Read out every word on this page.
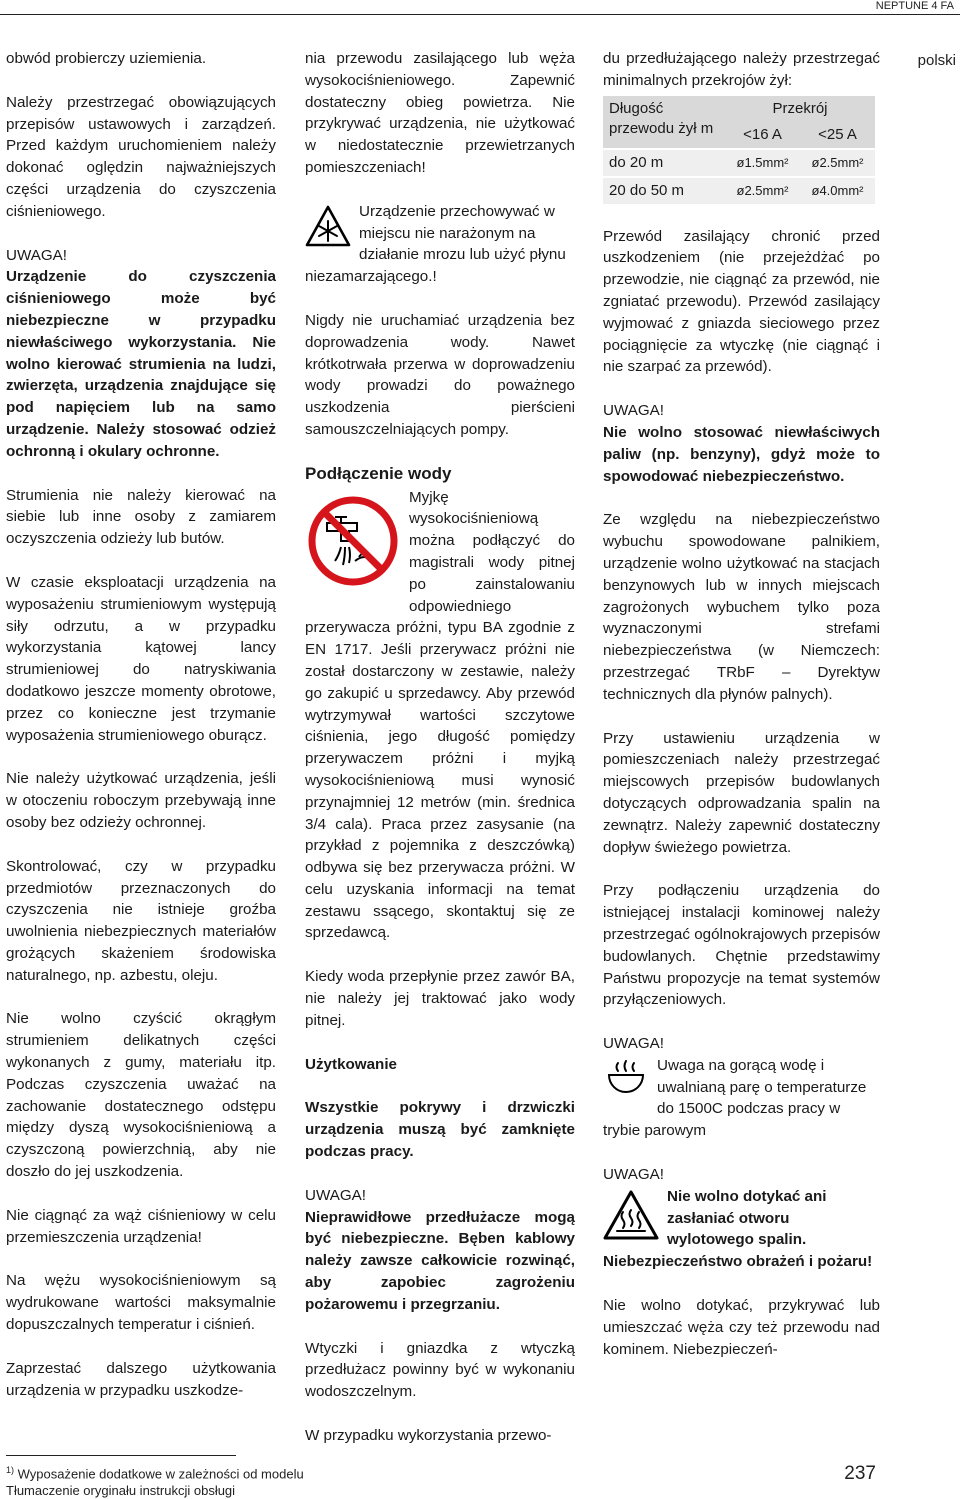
NEPTUNE 4 FA
polski

obwód probierczy uziemienia.

Należy przestrzegać obowiązujących przepisów ustawowych i zarządzeń. Przed każdym uruchomieniem należy dokonać oględzin najważniejszych części urządzenia do czyszczenia ciśnieniowego.

UWAGA!

Urządzenie do czyszczenia ciśnieniowego może być niebezpieczne w przypadku niewłaściwego wykorzystania. Nie wolno kierować strumienia na ludzi, zwierzęta, urządzenia znajdujące się pod napięciem lub na samo urządzenie. Należy stosować odzież ochronną i okulary ochronne.

Strumienia nie należy kierować na siebie lub inne osoby z zamiarem oczyszczenia odzieży lub butów.

W czasie eksploatacji urządzenia na wyposażeniu strumieniowym występują siły odrzutu, a w przypadku wykorzystania kątowej lancy strumieniowej do natryskiwania dodatkowo jeszcze momenty obrotowe, przez co konieczne jest trzymanie wyposażenia strumieniowego oburącz.

Nie należy użytkować urządzenia, jeśli w otoczeniu roboczym przebywają inne osoby bez odzieży ochronnej.

Skontrolować, czy w przypadku przedmiotów przeznaczonych do czyszczenia nie istnieje groźba uwolnienia niebezpiecznych materiałów grożących skażeniem środowiska naturalnego, np. azbestu, oleju.

Nie wolno czyścić okrągłym strumieniem delikatnych części wykonanych z gumy, materiału itp. Podczas czyszczenia uważać na zachowanie dostatecznego odstępu między dyszą wysokociśnieniową a czyszczoną powierzchnią, aby nie doszło do jej uszkodzenia.

Nie ciągnąć za wąż ciśnieniowy w celu przemieszczenia urządzenia!

Na wężu wysokociśnieniowym są wydrukowane wartości maksymalnie dopuszczalnych temperatur i ciśnień.

Zaprzestać dalszego użytkowania urządzenia w przypadku uszkodze-

nia przewodu zasilającego lub węża wysokociśnieniowego. Zapewnić dostateczny obieg powietrza. Nie przykrywać urządzenia, nie użytkować w niedostatecznie przewietrzanych pomieszczeniach!

Urządzenie przechowywać w miejscu nie narażonym na działanie mrozu lub użyć płynu niezamarzającego.!

Nigdy nie uruchamiać urządzenia bez doprowadzenia wody. Nawet krótkotrwała przerwa w doprowadzeniu wody prowadzi do poważnego uszkodzenia pierścieni samouszczelniających pompy.

Podłączenie wody

Myjkę wysokociśnieniową można podłączyć do magistrali wody pitnej po zainstalowaniu odpowiedniego przerywacza próżni, typu BA zgodnie z EN 1717. Jeśli przerywacz próżni nie został dostarczony w zestawie, należy go zakupić u sprzedawcy. Aby przewód wytrzymywał wartości szczytowe ciśnienia, jego długość pomiędzy przerywaczem próżni i myjką wysokociśnieniową musi wynosić przynajmniej 12 metrów (min. średnica 3/4 cala). Praca przez zasysanie (na przykład z pojemnika z deszczówką) odbywa się bez przerywacza próżni. W celu uzyskania informacji na temat zestawu ssącego, skontaktuj się ze sprzedawcą.

Kiedy woda przepłynie przez zawór BA, nie należy jej traktować jako wody pitnej.

Użytkowanie

Wszystkie pokrywy i drzwiczki urządzenia muszą być zamknięte podczas pracy.

UWAGA!

Nieprawidłowe przedłużacze mogą być niebezpieczne. Bęben kablowy należy zawsze całkowicie rozwinąć, aby zapobiec zagrożeniu pożarowemu i przegrzaniu.

Wtyczki i gniazdka z wtyczką przedłużacz powinny być w wykonaniu wodoszczelnym.

W przypadku wykorzystania przewo-

du przedłużającego należy przestrzegać minimalnych przekrojów żył:

Długość przewodu żył m	Przekrój	
	<16 A	<25 A
do 20 m	ø1.5mm²	ø2.5mm²
20 do 50 m	ø2.5mm²	ø4.0mm²

Przewód zasilający chronić przed uszkodzeniem (nie przejeżdżać po przewodzie, nie ciągnąć za przewód, nie zgniatać przewodu). Przewód zasilający wyjmować z gniazda sieciowego przez pociągnięcie za wtyczkę (nie ciągnąć i nie szarpać za przewód).

UWAGA!

Nie wolno stosować niewłaściwych paliw (np. benzyny), gdyż może to spowodować niebezpieczeństwo.

Ze względu na niebezpieczeństwo wybuchu spowodowane palnikiem, urządzenie wolno użytkować na stacjach benzynowych lub w innych miejscach zagrożonych wybuchem tylko poza wyznaczonymi strefami niebezpieczeństwa (w Niemczech: przestrzegać TRbF – Dyrektyw technicznych dla płynów palnych).

Przy ustawieniu urządzenia w pomieszczeniach należy przestrzegać miejscowych przepisów budowlanych dotyczących odprowadzania spalin na zewnątrz. Należy zapewnić dostateczny dopływ świeżego powietrza.

Przy podłączeniu urządzenia do istniejącej instalacji kominowej należy przestrzegać ogólnokrajowych przepisów budowlanych. Chętnie przedstawimy Państwu propozycje na temat systemów przyłączeniowych.

UWAGA!

Uwaga na gorącą wodę i uwalnianą parę o temperaturze do 1500C podczas pracy w trybie parowym

UWAGA!

Nie wolno dotykać ani zasłaniać otworu wylotowego spalin. Niebezpieczeństwo obrażeń i pożaru!

Nie wolno dotykać, przykrywać lub umieszczać węża czy też przewodu nad kominem. Niebezpieczeń-

$^{1)}$ Wyposażenie dodatkowe w zależności od modelu
Tłumaczenie oryginału instrukcji obsługi
237
